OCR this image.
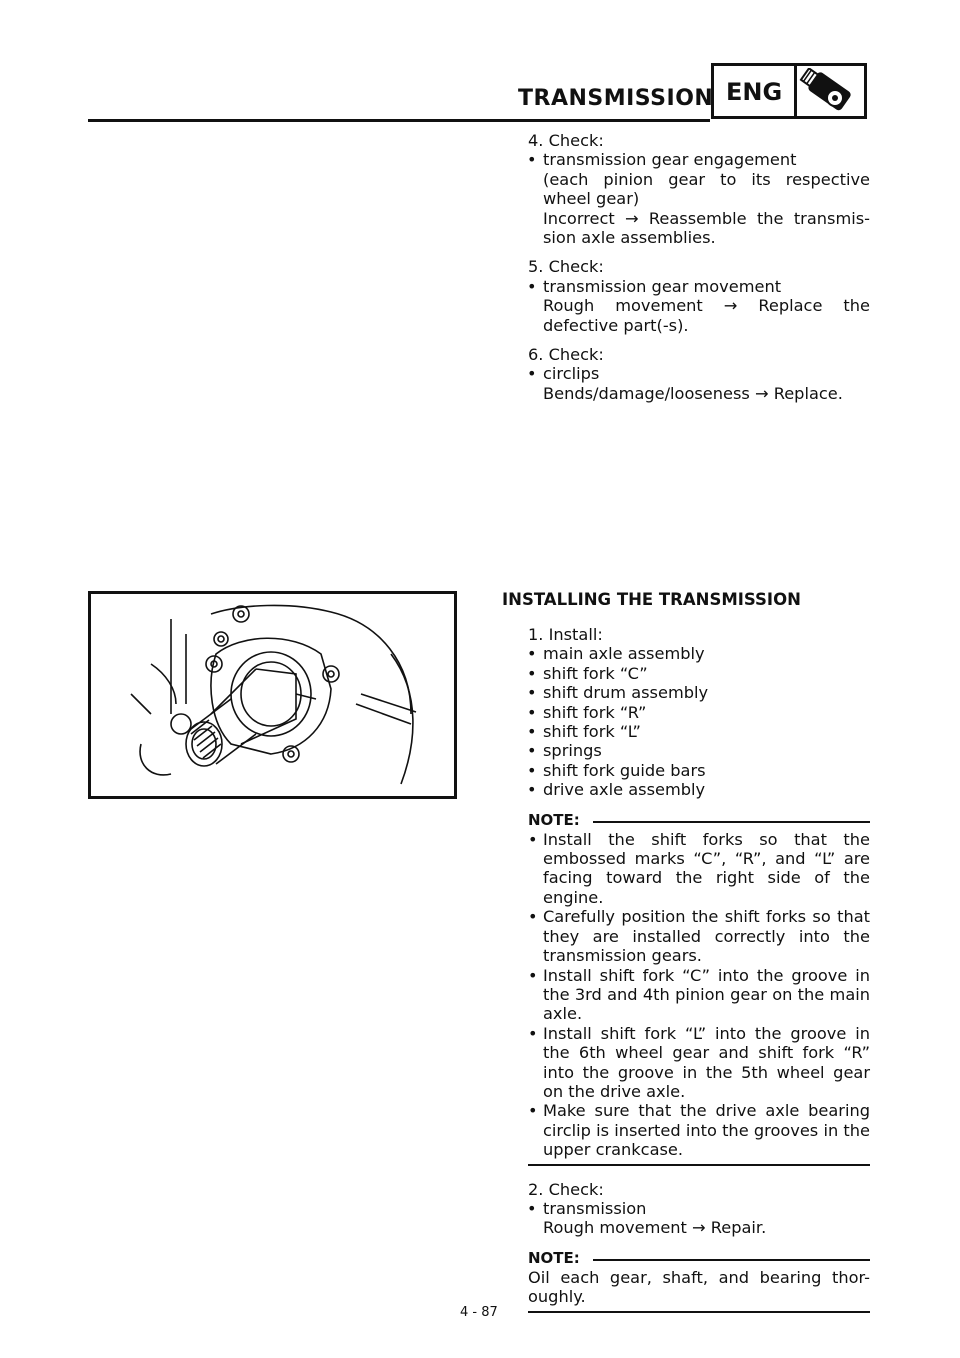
TRANSMISSION ENG
4. Check:
• transmission gear engagement
(each pinion gear to its respective
wheel gear)
Incorrect → Reassemble the transmis-
sion axle assemblies.
5. Check:
• transmission gear movement
Rough movement → Replace the
defective part(-s).
6. Check:
• circlips
Bends/damage/looseness → Replace.
INSTALLING THE TRANSMISSION
1. Install:
• main axle assembly
• shift fork “C”
• shift drum assembly
• shift fork “R”
• shift fork “L”
• springs
• shift fork guide bars
• drive axle assembly
NOTE:
• Install the shift forks so that the embossed marks “C”, “R”, and “L” are facing toward the right side of the engine.
• Carefully position the shift forks so that they are installed correctly into the transmission gears.
• Install shift fork “C” into the groove in the 3rd and 4th pinion gear on the main axle.
• Install shift fork “L” into the groove in the 6th wheel gear and shift fork “R” into the groove in the 5th wheel gear on the drive axle.
• Make sure that the drive axle bearing circlip is inserted into the grooves in the upper crankcase.
2. Check:
• transmission
Rough movement → Repair.
NOTE:
Oil each gear, shaft, and bearing thor-oughly.
4 - 87
